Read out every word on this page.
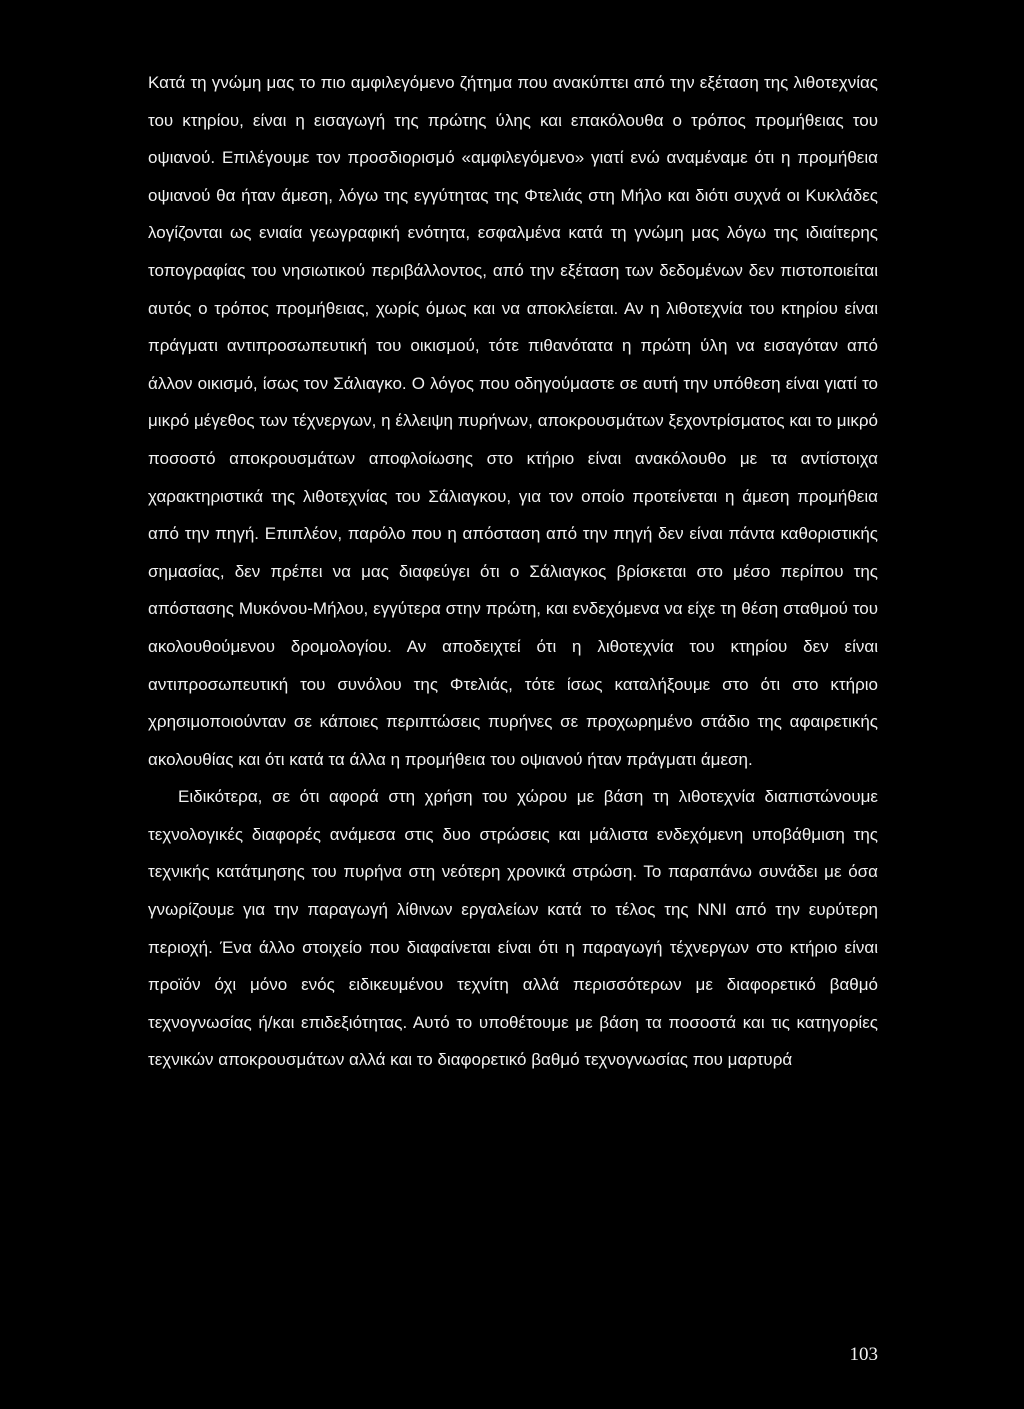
Κατά τη γνώμη μας το πιο αμφιλεγόμενο ζήτημα που ανακύπτει από την εξέταση της λιθοτεχνίας του κτηρίου, είναι η εισαγωγή της πρώτης ύλης και επακόλουθα ο τρόπος προμήθειας του οψιανού. Επιλέγουμε τον προσδιορισμό «αμφιλεγόμενο» γιατί ενώ αναμέναμε ότι η προμήθεια οψιανού θα ήταν άμεση, λόγω της εγγύτητας της Φτελιάς στη Μήλο και διότι συχνά οι Κυκλάδες λογίζονται ως ενιαία γεωγραφική ενότητα, εσφαλμένα κατά τη γνώμη μας λόγω της ιδιαίτερης τοπογραφίας του νησιωτικού περιβάλλοντος, από την εξέταση των δεδομένων δεν πιστοποιείται αυτός ο τρόπος προμήθειας, χωρίς όμως και να αποκλείεται. Αν η λιθοτεχνία του κτηρίου είναι πράγματι αντιπροσωπευτική του οικισμού, τότε πιθανότατα η πρώτη ύλη να εισαγόταν από άλλον οικισμό, ίσως τον Σάλιαγκο. Ο λόγος που οδηγούμαστε σε αυτή την υπόθεση είναι γιατί το μικρό μέγεθος των τέχνεργων, η έλλειψη πυρήνων, αποκρουσμάτων ξεχοντρίσματος και το μικρό ποσοστό αποκρουσμάτων αποφλοίωσης στο κτήριο είναι ανακόλουθο με τα αντίστοιχα χαρακτηριστικά της λιθοτεχνίας του Σάλιαγκου, για τον οποίο προτείνεται η άμεση προμήθεια από την πηγή. Επιπλέον, παρόλο που η απόσταση από την πηγή δεν είναι πάντα καθοριστικής σημασίας, δεν πρέπει να μας διαφεύγει ότι ο Σάλιαγκος βρίσκεται στο μέσο περίπου της απόστασης Μυκόνου-Μήλου, εγγύτερα στην πρώτη, και ενδεχόμενα να είχε τη θέση σταθμού του ακολουθούμενου δρομολογίου. Αν αποδειχτεί ότι η λιθοτεχνία του κτηρίου δεν είναι αντιπροσωπευτική του συνόλου της Φτελιάς, τότε ίσως καταλήξουμε στο ότι στο κτήριο χρησιμοποιούνταν σε κάποιες περιπτώσεις πυρήνες σε προχωρημένο στάδιο της αφαιρετικής ακολουθίας και ότι κατά τα άλλα η προμήθεια του οψιανού ήταν πράγματι άμεση.

Ειδικότερα, σε ότι αφορά στη χρήση του χώρου με βάση τη λιθοτεχνία διαπιστώνουμε τεχνολογικές διαφορές ανάμεσα στις δυο στρώσεις και μάλιστα ενδεχόμενη υποβάθμιση της τεχνικής κατάτμησης του πυρήνα στη νεότερη χρονικά στρώση. Το παραπάνω συνάδει με όσα γνωρίζουμε για την παραγωγή λίθινων εργαλείων κατά το τέλος της ΝΝΙ από την ευρύτερη περιοχή. Ένα άλλο στοιχείο που διαφαίνεται είναι ότι η παραγωγή τέχνεργων στο κτήριο είναι προϊόν όχι μόνο ενός ειδικευμένου τεχνίτη αλλά περισσότερων με διαφορετικό βαθμό τεχνογνωσίας ή/και επιδεξιότητας. Αυτό το υποθέτουμε με βάση τα ποσοστά και τις κατηγορίες τεχνικών αποκρουσμάτων αλλά και το διαφορετικό βαθμό τεχνογνωσίας που μαρτυρά

103
